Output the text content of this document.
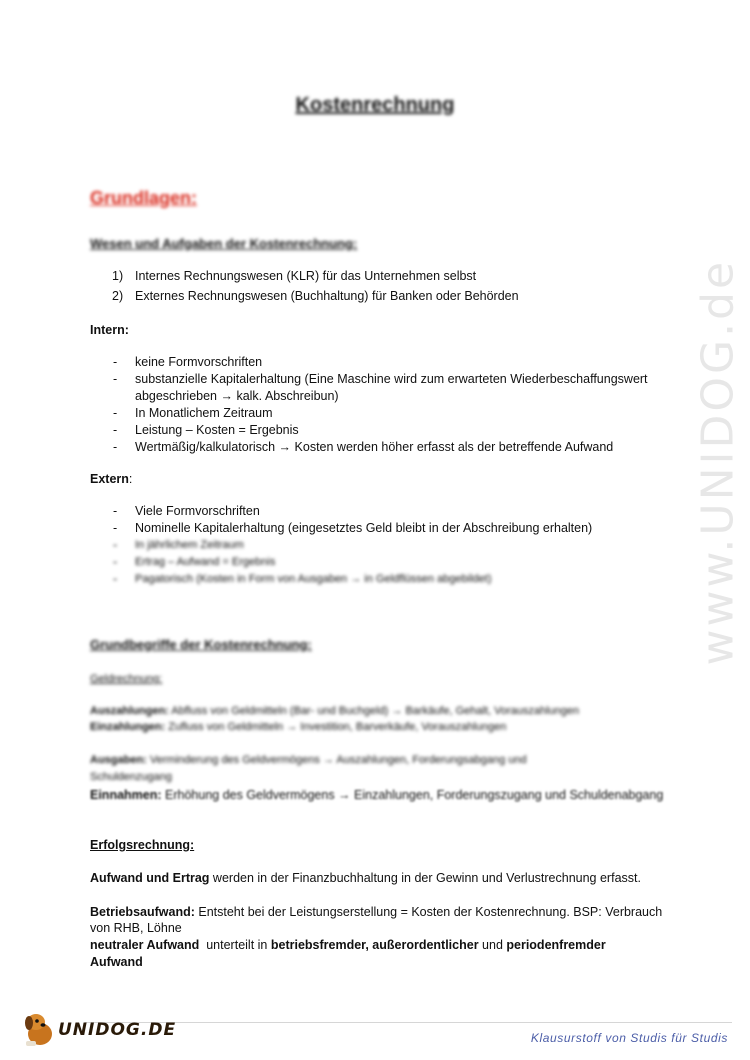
www.UNIDOG.de
Kostenrechnung
Grundlagen:
Wesen und Aufgaben der Kostenrechnung:
1) Internes Rechnungswesen (KLR) für das Unternehmen selbst
2) Externes Rechnungswesen (Buchhaltung) für Banken oder Behörden
Intern:
- keine Formvorschriften
- substanzielle Kapitalerhaltung (Eine Maschine wird zum erwarteten Wiederbeschaffungswert
abgeschrieben → kalk. Abschreibun)
- In Monatlichem Zeitraum
- Leistung – Kosten = Ergebnis
- Wertmäßig/kalkulatorisch → Kosten werden höher erfasst als der betreffende Aufwand
Extern:
- Viele Formvorschriften
- Nominelle Kapitalerhaltung (eingesetztes Geld bleibt in der Abschreibung erhalten)
- In jährlichem Zeitraum
- Ertrag – Aufwand = Ergebnis
- Pagatorisch (Kosten in Form von Ausgaben → in Geldflüssen abgebildet)
Grundbegriffe der Kostenrechnung:
Geldrechnung:
Auszahlungen: Abfluss von Geldmitteln (Bar- und Buchgeld) → Barkäufe, Gehalt, Vorauszahlungen
Einzahlungen: Zufluss von Geldmitteln → Investition, Barverkäufe, Vorauszahlungen
Ausgaben: Verminderung des Geldvermögens → Auszahlungen, Forderungsabgang und
Schuldenzugang
Einnahmen: Erhöhung des Geldvermögens → Einzahlungen, Forderungszugang und Schuldenabgang
Erfolgsrechnung:
Aufwand und Ertrag werden in der Finanzbuchhaltung in der Gewinn und Verlustrechnung erfasst.
Betriebsaufwand: Entsteht bei der Leistungserstellung = Kosten der Kostenrechnung. BSP: Verbrauch
von RHB, Löhne
neutraler Aufwand  unterteilt in betriebsfremder, außerordentlicher und periodenfremder
Aufwand
UNIDOG.DE	Klausurstoff von Studis für Studis
